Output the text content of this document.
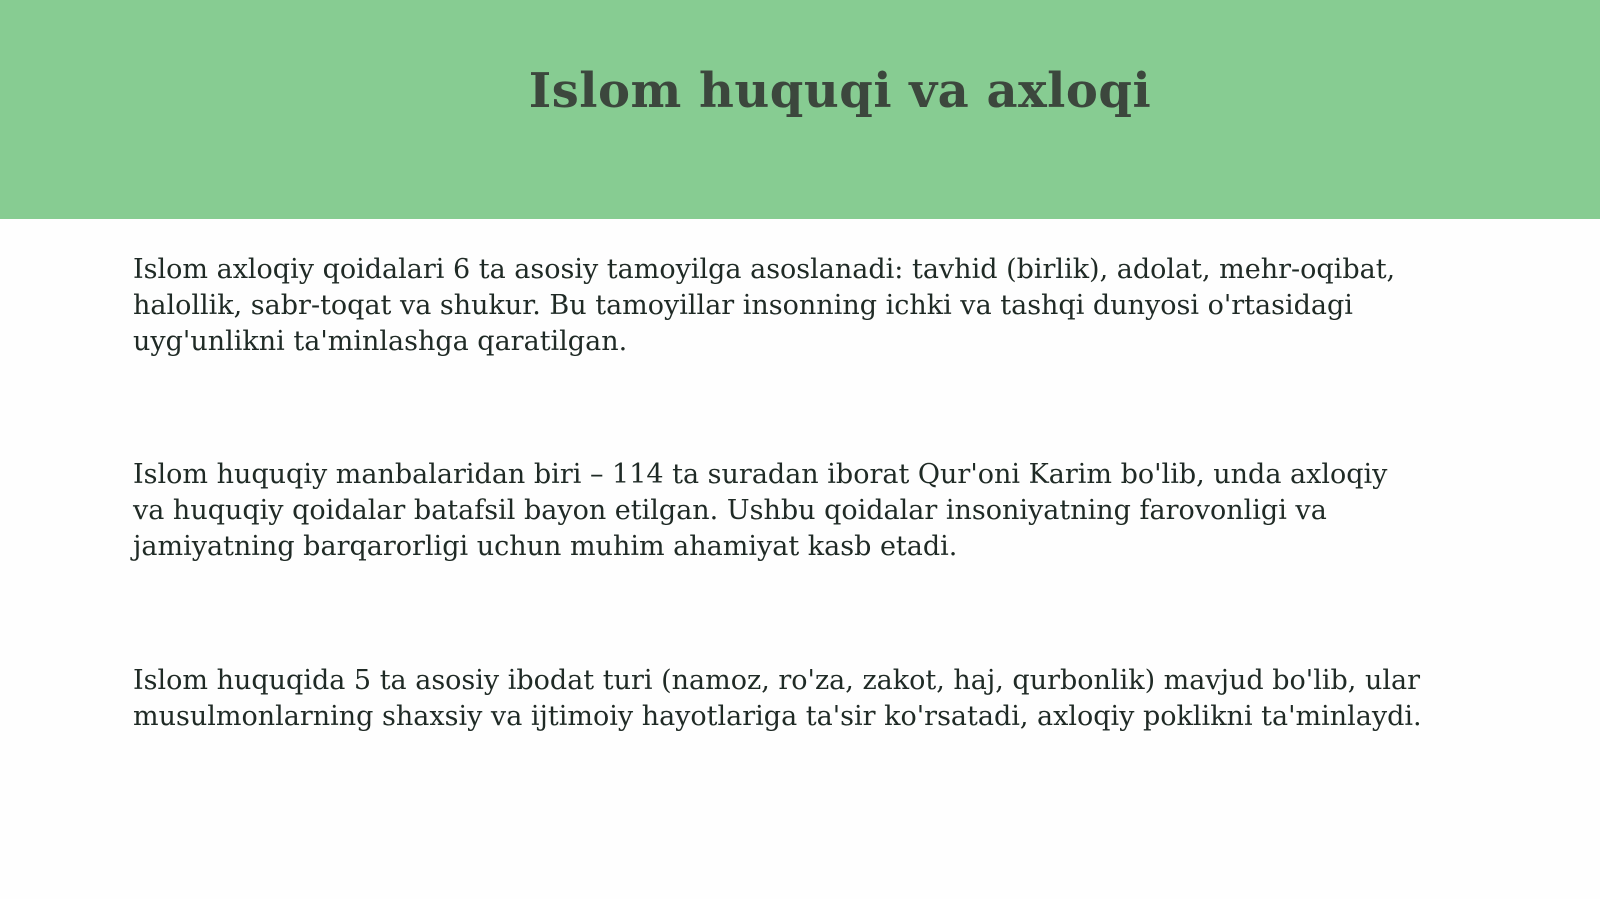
Islom huquqi va axloqi

Islom axloqiy qoidalari 6 ta asosiy tamoyilga asoslanadi: tavhid (birlik), adolat, mehr-oqibat,
halollik, sabr-toqat va shukur. Bu tamoyillar insonning ichki va tashqi dunyosi o'rtasidagi
uyg'unlikni ta'minlashga qaratilgan.

Islom huquqiy manbalaridan biri – 114 ta suradan iborat Qur'oni Karim bo'lib, unda axloqiy
va huquqiy qoidalar batafsil bayon etilgan. Ushbu qoidalar insoniyatning farovonligi va
jamiyatning barqarorligi uchun muhim ahamiyat kasb etadi.

Islom huquqida 5 ta asosiy ibodat turi (namoz, ro'za, zakot, haj, qurbonlik) mavjud bo'lib, ular
musulmonlarning shaxsiy va ijtimoiy hayotlariga ta'sir ko'rsatadi, axloqiy poklikni ta'minlaydi.
